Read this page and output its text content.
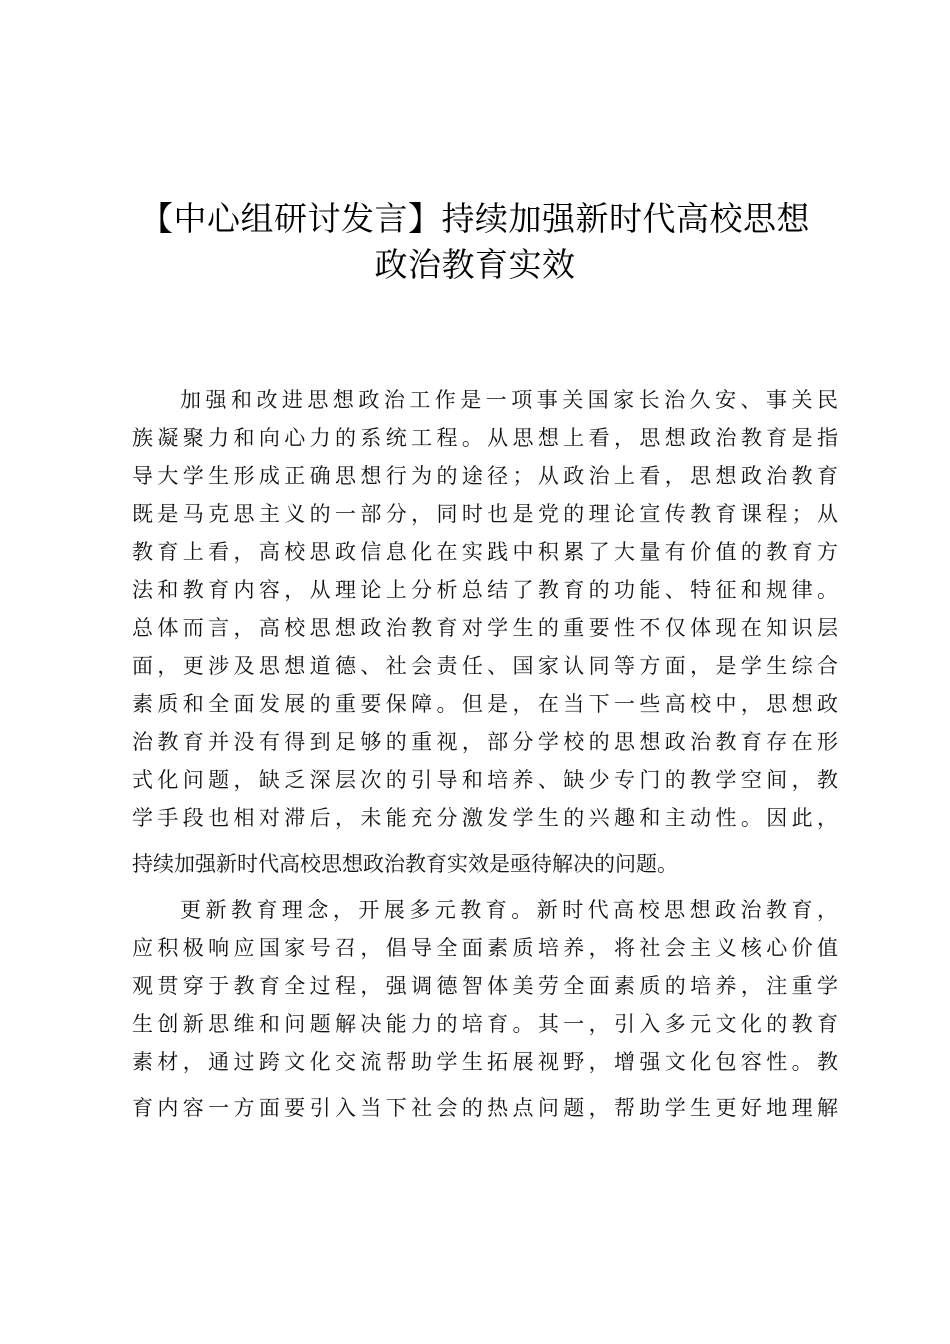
【中心组研讨发言】持续加强新时代高校思想
政治教育实效
加强和改进思想政治工作是一项事关国家长治久安、事关民
族凝聚力和向心力的系统工程。从思想上看，思想政治教育是指
导大学生形成正确思想行为的途径；从政治上看，思想政治教育
既是马克思主义的一部分，同时也是党的理论宣传教育课程；从
教育上看，高校思政信息化在实践中积累了大量有价值的教育方
法和教育内容，从理论上分析总结了教育的功能、特征和规律。
总体而言，高校思想政治教育对学生的重要性不仅体现在知识层
面，更涉及思想道德、社会责任、国家认同等方面，是学生综合
素质和全面发展的重要保障。但是，在当下一些高校中，思想政
治教育并没有得到足够的重视，部分学校的思想政治教育存在形
式化问题，缺乏深层次的引导和培养、缺少专门的教学空间，教
学手段也相对滞后，未能充分激发学生的兴趣和主动性。因此，
持续加强新时代高校思想政治教育实效是亟待解决的问题。
更新教育理念，开展多元教育。新时代高校思想政治教育，
应积极响应国家号召，倡导全面素质培养，将社会主义核心价值
观贯穿于教育全过程，强调德智体美劳全面素质的培养，注重学
生创新思维和问题解决能力的培育。其一，引入多元文化的教育
素材，通过跨文化交流帮助学生拓展视野，增强文化包容性。教
育内容一方面要引入当下社会的热点问题，帮助学生更好地理解
